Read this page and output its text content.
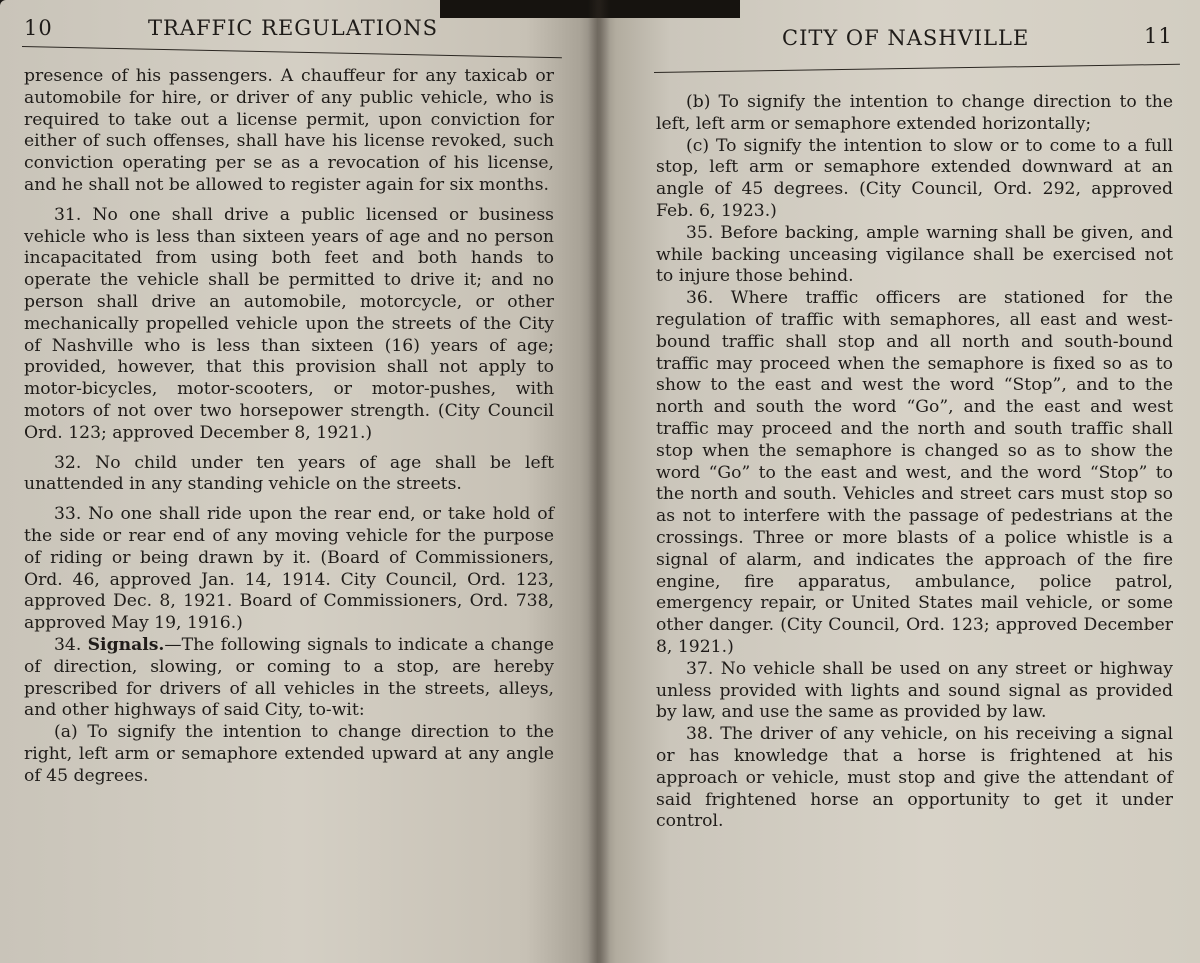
10	TRAFFIC REGULATIONS

presence of his passengers. A chauffeur for any taxicab or automobile for hire, or driver of any public vehicle, who is required to take out a license permit, upon conviction for either of such offenses, shall have his license revoked, such conviction operating per se as a revocation of his license, and he shall not be allowed to register again for six months.

31. No one shall drive a public licensed or business vehicle who is less than sixteen years of age and no person incapacitated from using both feet and both hands to operate the vehicle shall be permitted to drive it; and no person shall drive an automobile, motorcycle, or other mechanically propelled vehicle upon the streets of the City of Nashville who is less than sixteen (16) years of age; provided, however, that this provision shall not apply to motor-bicycles, motor-scooters, or motor-pushes, with motors of not over two horsepower strength. (City Council Ord. 123; approved December 8, 1921.)

32. No child under ten years of age shall be left unattended in any standing vehicle on the streets.

33. No one shall ride upon the rear end, or take hold of the side or rear end of any moving vehicle for the purpose of riding or being drawn by it. (Board of Commissioners, Ord. 46, approved Jan. 14, 1914. City Council, Ord. 123, approved Dec. 8, 1921. Board of Commissioners, Ord. 738, approved May 19, 1916.)

34. Signals.—The following signals to indicate a change of direction, slowing, or coming to a stop, are hereby prescribed for drivers of all vehicles in the streets, alleys, and other highways of said City, to-wit:

(a) To signify the intention to change direction to the right, left arm or semaphore extended upward at any angle of 45 degrees.

CITY OF NASHVILLE	11

(b) To signify the intention to change direction to the left, left arm or semaphore extended horizontally;

(c) To signify the intention to slow or to come to a full stop, left arm or semaphore extended downward at an angle of 45 degrees. (City Council, Ord. 292, approved Feb. 6, 1923.)

35. Before backing, ample warning shall be given, and while backing unceasing vigilance shall be exercised not to injure those behind.

36. Where traffic officers are stationed for the regulation of traffic with semaphores, all east and west-bound traffic shall stop and all north and south-bound traffic may proceed when the semaphore is fixed so as to show to the east and west the word “Stop”, and to the north and south the word “Go”, and the east and west traffic may proceed and the north and south traffic shall stop when the semaphore is changed so as to show the word “Go” to the east and west, and the word “Stop” to the north and south. Vehicles and street cars must stop so as not to interfere with the passage of pedestrians at the crossings. Three or more blasts of a police whistle is a signal of alarm, and indicates the approach of the fire engine, fire apparatus, ambulance, police patrol, emergency repair, or United States mail vehicle, or some other danger. (City Council, Ord. 123; approved December 8, 1921.)

37. No vehicle shall be used on any street or highway unless provided with lights and sound signal as provided by law, and use the same as provided by law.

38. The driver of any vehicle, on his receiving a signal or has knowledge that a horse is frightened at his approach or vehicle, must stop and give the attendant of said frightened horse an opportunity to get it under control.
